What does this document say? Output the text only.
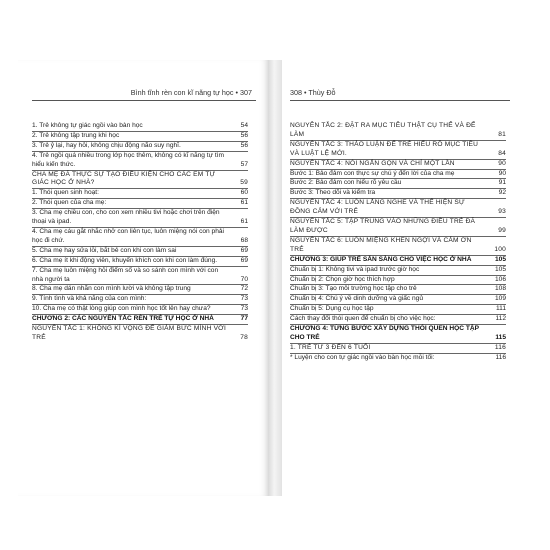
Bình tĩnh rèn con kĩ năng tự học • 307
1. Trẻ không tự giác ngồi vào bàn học	54
2. Trẻ không tập trung khi học	56
3. Trẻ ỷ lại, hay hỏi, không chịu động não suy nghĩ.	56
4. Trẻ ngồi quá nhiều trong lớp học thêm, không có kĩ năng tự tìm hiểu kiến thức.	57
CHA MẸ ĐÃ THỰC SỰ TẠO ĐIỀU KIỆN CHO CÁC EM TỰ GIÁC HỌC Ở NHÀ?	59
1. Thói quen sinh hoạt:	60
2. Thói quen của cha mẹ:	61
3. Cha mẹ chiều con, cho con xem nhiều tivi hoặc chơi trên điện thoại và ipad.	61
4. Cha mẹ cáu gắt nhắc nhở con liên tục, luôn miệng nói con phải học đi chứ.	68
5. Cha mẹ hay sửa lỗi, bắt bẻ con khi con làm sai	69
6. Cha mẹ ít khi động viên, khuyến khích con khi con làm đúng.	69
7. Cha mẹ luôn miệng hỏi điểm số và so sánh con mình với con nhà người ta	70
8. Cha mẹ dán nhãn con mình lười và không tập trung	72
9. Tính tình và khả năng của con mình:	73
10. Cha mẹ có thật lòng giúp con mình học tốt lên hay chưa?	73
CHƯƠNG 2: CÁC NGUYÊN TẮC RÈN TRẺ TỰ HỌC Ở NHÀ	77
NGUYÊN TẮC 1: KHÔNG KÌ VỌNG ĐỂ GIẢM BỨC MÌNH VỚI TRẺ	78
308 • Thùy Đỗ
NGUYÊN TẮC 2: ĐẶT RA MỤC TIÊU THẬT CỤ THỂ VÀ ĐỂ LÀM	81
NGUYÊN TẮC 3: THẢO LUẬN ĐỂ TRẺ HIỂU RÕ MỤC TIÊU VÀ LUẬT LỆ MỚI.	84
NGUYÊN TẮC 4: NÓI NGẮN GỌN VÀ CHỈ MỘT LẦN	90
Bước 1: Bảo đảm con thực sự chú ý đến lời của cha mẹ	90
Bước 2: Bảo đảm con hiểu rõ yêu cầu	91
Bước 3: Theo dõi và kiểm tra	92
NGUYÊN TẮC 4: LUÔN LẮNG NGHE VÀ THỂ HIỆN SỰ ĐỒNG CẢM VỚI TRẺ	93
NGUYÊN TẮC 5: TẬP TRUNG VÀO NHỮNG ĐIỀU TRẺ ĐÃ LÀM ĐƯỢC	99
NGUYÊN TẮC 6: LUÔN MIỆNG KHEN NGỢI VÀ CẢM ƠN TRẺ	100
CHƯƠNG 3: GIÚP TRẺ SẴN SÀNG CHO VIỆC HỌC Ở NHÀ	105
Chuẩn bị 1: Không tivi và ipad trước giờ học	105
Chuẩn bị 2: Chọn giờ học thích hợp	106
Chuẩn bị 3: Tạo môi trường học tập cho trẻ	108
Chuẩn bị 4: Chú ý về dinh dưỡng và giấc ngủ	109
Chuẩn bị 5: Dụng cụ học tập	111
Cách thay đổi thói quen để chuẩn bị cho việc học:	112
CHƯƠNG 4: TỪNG BƯỚC XÂY DỰNG THÓI QUEN HỌC TẬP CHO TRẺ	115
1. TRẺ TỪ 3 ĐẾN 6 TUỔI	116
* Luyện cho con tự giác ngồi vào bàn học mỗi tối:	116
